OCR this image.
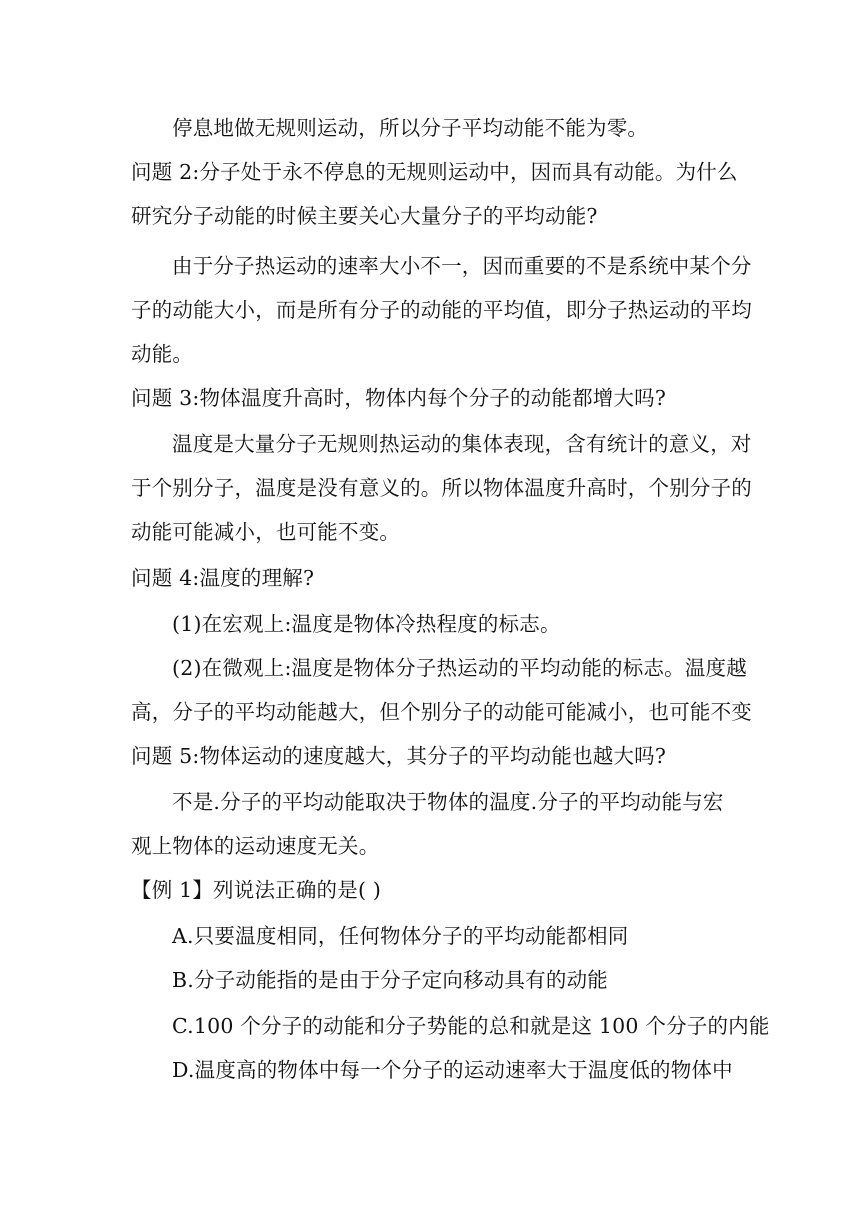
停息地做无规则运动，所以分子平均动能不能为零。
问题 2:分子处于永不停息的无规则运动中，因而具有动能。为什么
研究分子动能的时候主要关心大量分子的平均动能?
由于分子热运动的速率大小不一，因而重要的不是系统中某个分
子的动能大小，而是所有分子的动能的平均值，即分子热运动的平均
动能。
问题 3:物体温度升高时，物体内每个分子的动能都增大吗?
温度是大量分子无规则热运动的集体表现，含有统计的意义，对
于个别分子，温度是没有意义的。所以物体温度升高时，个别分子的
动能可能减小，也可能不变。
问题 4:温度的理解?
(1)在宏观上:温度是物体冷热程度的标志。
(2)在微观上:温度是物体分子热运动的平均动能的标志。温度越
高，分子的平均动能越大，但个别分子的动能可能减小，也可能不变
问题 5:物体运动的速度越大，其分子的平均动能也越大吗?
不是.分子的平均动能取决于物体的温度.分子的平均动能与宏
观上物体的运动速度无关。
【例 1】列说法正确的是( )
A.只要温度相同，任何物体分子的平均动能都相同
B.分子动能指的是由于分子定向移动具有的动能
C.100 个分子的动能和分子势能的总和就是这 100 个分子的内能
D.温度高的物体中每一个分子的运动速率大于温度低的物体中
